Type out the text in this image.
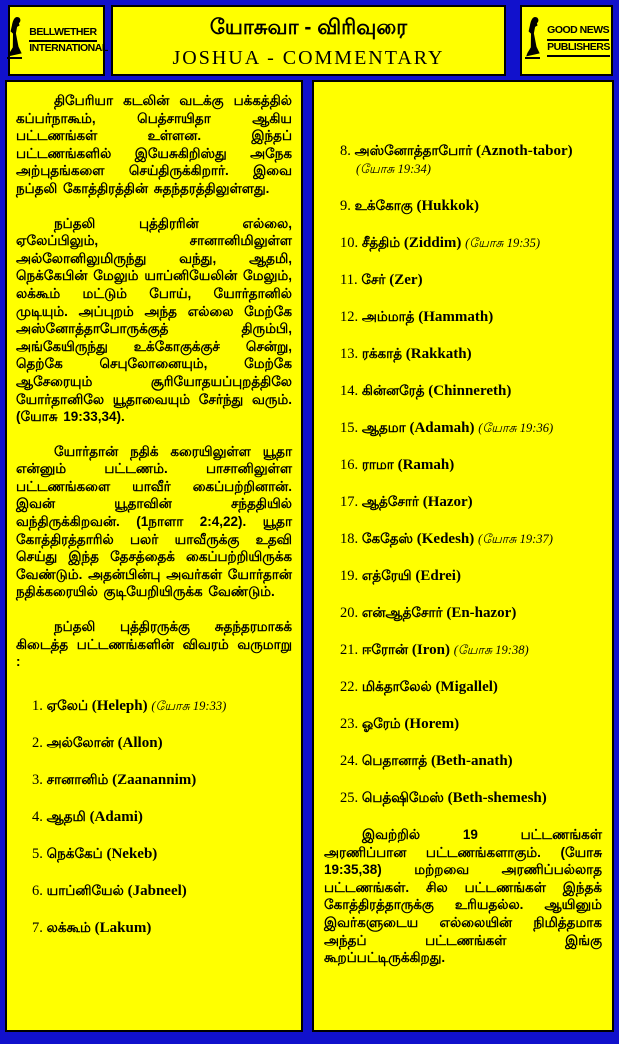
BELLWETHER
INTERNATIONAL
யோசுவா - விரிவுரை
JOSHUA - COMMENTARY
GOOD NEWS
PUBLISHERS

திபேரியா கடலின் வடக்கு பக்கத்தில் கப்பர்நாகூம், பெத்சாயிதா ஆகிய பட்டணங்கள் உள்ளன. இந்தப் பட்டணங்களில் இயேசுகிறிஸ்து அநேக அற்புதங்களை செய்திருக்கிறார். இவை நப்தலி கோத்திரத்தின் சுதந்தரத்திலுள்ளது.

நப்தலி புத்திரரின் எல்லை, ஏலேப்பிலும், சானானிமிலுள்ள அல்லோனிலுமிருந்து வந்து, ஆதமி, நெக்கேபின் மேலும் யாப்னியேலின் மேலும், லக்கூம் மட்டும் போய், யோர்தானில் முடியும். அப்புறம் அந்த எல்லை மேற்கே அஸ்னோத்தாபோருக்குத் திரும்பி, அங்கேயிருந்து உக்கோகுக்குச் சென்று, தெற்கே செபுலோனையும், மேற்கே ஆசேரையும் சூரியோதயப்புறத்திலே யோர்தானிலே யூதாவையும் சேர்ந்து வரும். (யோசு 19:33,34).

யோர்தான் நதிக் கரையிலுள்ள யூதா என்னும் பட்டணம். பாசானிலுள்ள பட்டணங்களை யாவீர் கைப்பற்றினான். இவன் யூதாவின் சந்ததியில் வந்திருக்கிறவன். (1நாளா 2:4,22). யூதா கோத்திரத்தாரில் பலர் யாவீருக்கு உதவி செய்து இந்த தேசத்தைக் கைப்பற்றியிருக்க வேண்டும். அதன்பின்பு அவர்கள் யோர்தான் நதிக்கரையில் குடியேறியிருக்க வேண்டும்.

நப்தலி புத்திரருக்கு சுதந்தரமாகக் கிடைத்த பட்டணங்களின் விவரம் வருமாறு :

1. ஏலேப் (Heleph) (யோசு 19:33)
2. அல்லோன் (Allon)
3. சானானிம் (Zaanannim)
4. ஆதமி (Adami)
5. நெக்கேப் (Nekeb)
6. யாப்னியேல் (Jabneel)
7. லக்கூம் (Lakum)
8. அஸ்னோத்தாபோர் (Aznoth-tabor) (யோசு 19:34)
9. உக்கோகு (Hukkok)
10. சீத்திம் (Ziddim) (யோசு 19:35)
11. சேர் (Zer)
12. அம்மாத் (Hammath)
13. ரக்காத் (Rakkath)
14. கின்னரேத் (Chinnereth)
15. ஆதமா (Adamah) (யோசு 19:36)
16. ராமா (Ramah)
17. ஆத்சோர் (Hazor)
18. கேதேஸ் (Kedesh) (யோசு 19:37)
19. எத்ரேயி (Edrei)
20. என்ஆத்சோர் (En-hazor)
21. ஈரோன் (Iron) (யோசு 19:38)
22. மிக்தாலேல் (Migallel)
23. ஓரேம் (Horem)
24. பெதானாத் (Beth-anath)
25. பெத்ஷிமேஸ் (Beth-shemesh)

இவற்றில் 19 பட்டணங்கள் அரணிப்பான பட்டணங்களாகும். (யோசு 19:35,38) மற்றவை அரணிப்பல்லாத பட்டணங்கள். சில பட்டணங்கள் இந்தக் கோத்திரத்தாருக்கு உரியதல்ல. ஆயினும் இவர்களுடைய எல்லையின் நிமித்தமாக அந்தப் பட்டணங்கள் இங்கு கூறப்பட்டிருக்கிறது.
